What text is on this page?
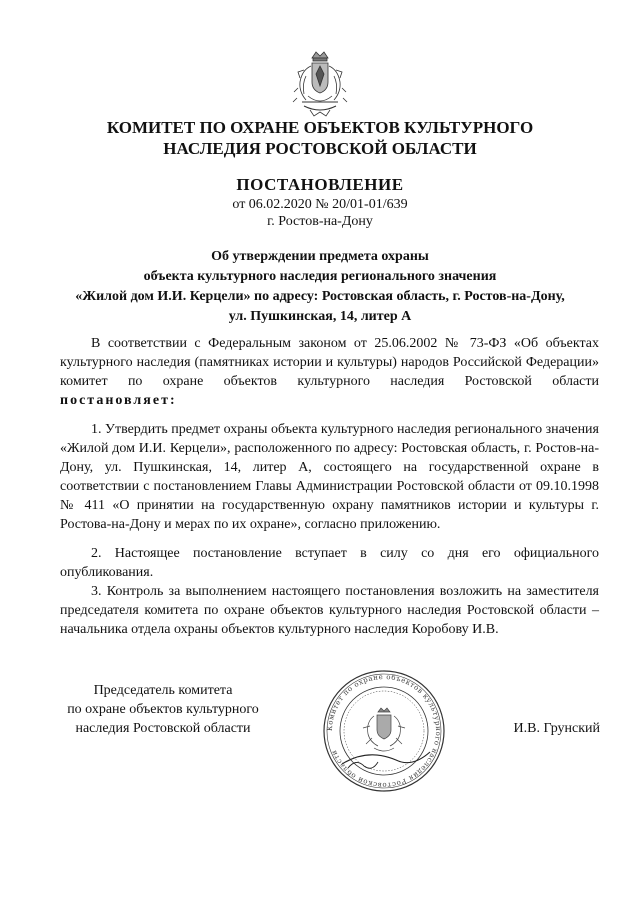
КОМИТЕТ ПО ОХРАНЕ ОБЪЕКТОВ КУЛЬТУРНОГО
НАСЛЕДИЯ РОСТОВСКОЙ ОБЛАСТИ

ПОСТАНОВЛЕНИЕ

от 06.02.2020 № 20/01-01/639

г. Ростов-на-Дону

Об утверждении предмета охраны
объекта культурного наследия регионального значения
«Жилой дом И.И. Керцели» по адресу: Ростовская область, г. Ростов-на-Дону,
ул. Пушкинская, 14, литер А

В соответствии с Федеральным законом от 25.06.2002 № 73-ФЗ «Об объектах культурного наследия (памятниках истории и культуры) народов Российской Федерации» комитет по охране объектов культурного наследия Ростовской области постановляет:

1. Утвердить предмет охраны объекта культурного наследия регионального значения «Жилой дом И.И. Керцели», расположенного по адресу: Ростовская область, г. Ростов-на-Дону, ул. Пушкинская, 14, литер А, состоящего на государственной охране в соответствии с постановлением Главы Администрации Ростовской области от 09.10.1998 № 411 «О принятии на государственную охрану памятников истории и культуры г. Ростова-на-Дону и мерах по их охране», согласно приложению.

2. Настоящее постановление вступает в силу со дня его официального опубликования.

3. Контроль за выполнением настоящего постановления возложить на заместителя председателя комитета по охране объектов культурного наследия Ростовской области – начальника отдела охраны объектов культурного наследия Коробову И.В.

Председатель комитета
по охране объектов культурного
наследия Ростовской области	Комитет по охране объектов культурного наследия Ростовской области

И.В. Грунский
